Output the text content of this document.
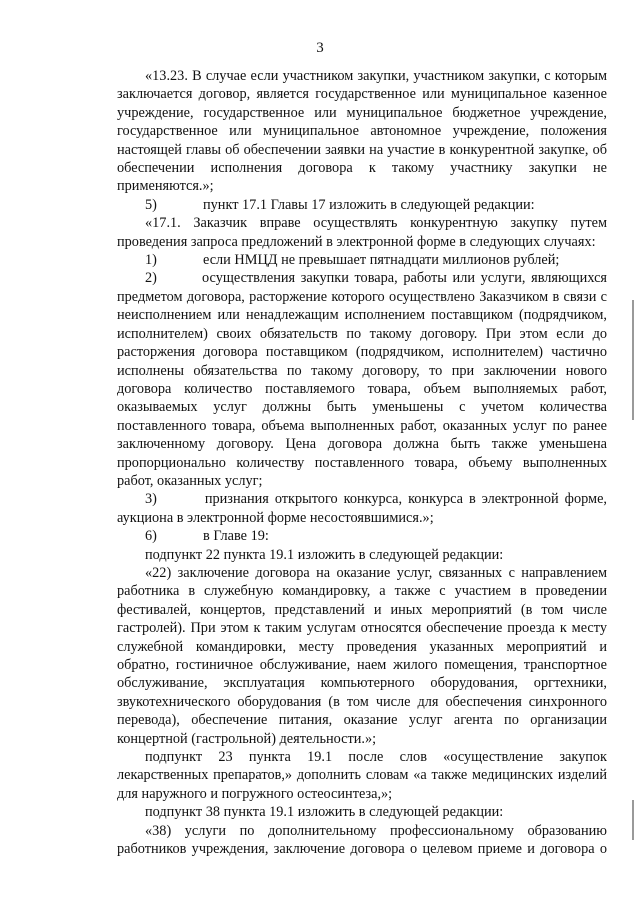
3

«13.23. В случае если участником закупки, участником закупки, с которым заключается договор, является государственное или муниципальное казенное учреждение, государственное или муниципальное бюджетное учреждение, государственное или муниципальное автономное учреждение, положения настоящей главы об обеспечении заявки на участие в конкурентной закупке, об обеспечении исполнения договора к такому участнику закупки не применяются.»;

5)	пункт 17.1 Главы 17 изложить в следующей редакции:

«17.1. Заказчик вправе осуществлять конкурентную закупку путем проведения запроса предложений в электронной форме в следующих случаях:

1)	если НМЦД не превышает пятнадцати миллионов рублей;

2)        осуществления закупки товара, работы или услуги, являющихся предметом договора, расторжение которого осуществлено Заказчиком в связи с неисполнением или ненадлежащим исполнением поставщиком (подрядчиком, исполнителем) своих обязательств по такому договору. При этом если до расторжения договора поставщиком (подрядчиком, исполнителем) частично исполнены обязательства по такому договору, то при заключении нового договора количество поставляемого товара, объем выполняемых работ, оказываемых услуг должны быть уменьшены с учетом количества поставленного товара, объема выполненных работ, оказанных услуг по ранее заключенному договору. Цена договора должна быть также уменьшена пропорционально количеству поставленного товара, объему выполненных работ, оказанных услуг;

3)        признания открытого конкурса, конкурса в электронной форме, аукциона в электронной форме несостоявшимися.»;

6)	в Главе 19:

подпункт 22 пункта 19.1 изложить в следующей редакции:

«22) заключение договора на оказание услуг, связанных с направлением работника в служебную командировку, а также с участием в проведении фестивалей, концертов, представлений и иных мероприятий (в том числе гастролей). При этом к таким услугам относятся обеспечение проезда к месту служебной командировки, месту проведения указанных мероприятий и обратно, гостиничное обслуживание, наем жилого помещения, транспортное обслуживание, эксплуатация компьютерного оборудования, оргтехники, звукотехнического оборудования (в том числе для обеспечения синхронного перевода), обеспечение питания, оказание услуг агента по организации концертной (гастрольной) деятельности.»;

подпункт 23 пункта 19.1 после слов «осуществление закупок лекарственных препаратов,» дополнить словам «а также медицинских изделий для наружного и погружного остеосинтеза,»;

подпункт 38 пункта 19.1 изложить в следующей редакции:

«38) услуги по дополнительному профессиональному образованию работников учреждения, заключение договора о целевом приеме и договора о
